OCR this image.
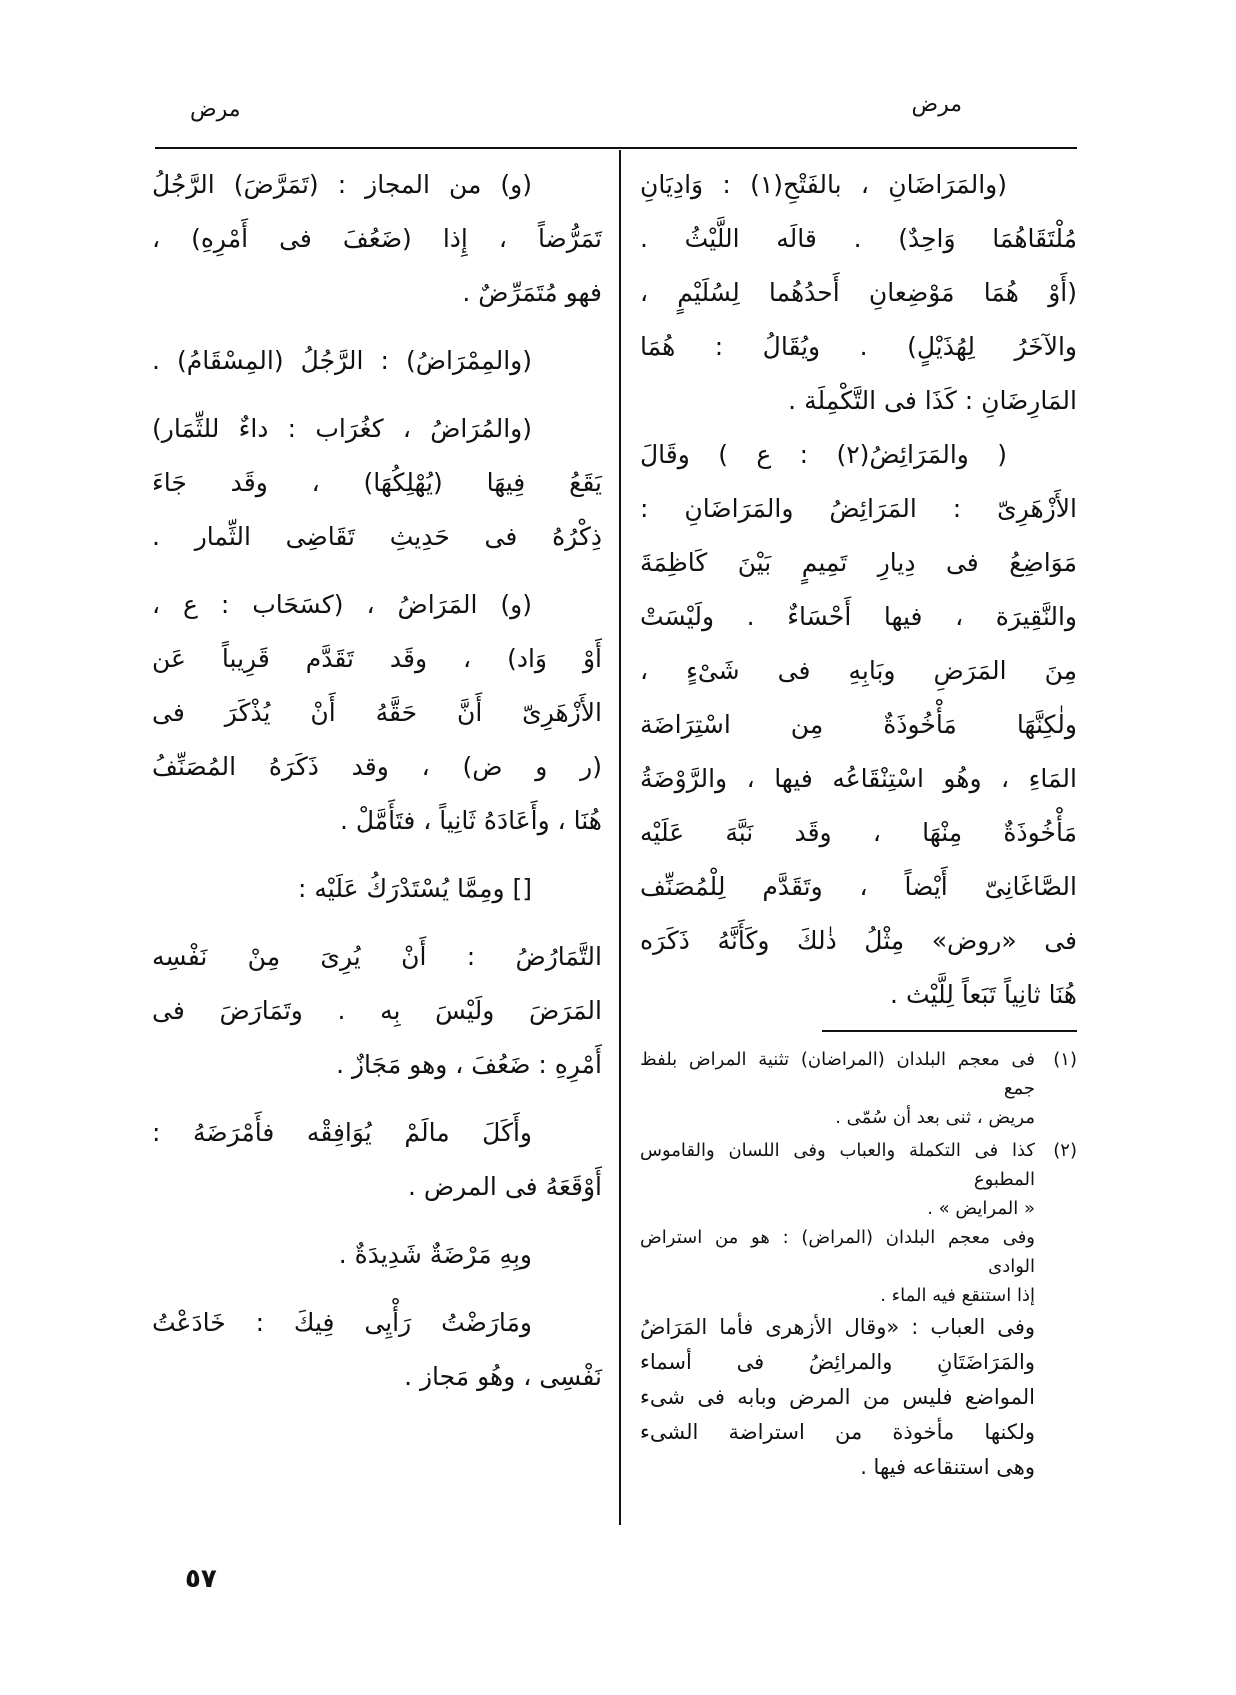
مرض
مرض
(والمَرَاضَانِ ، بالفَتْحِ(١) : وَادِيَانِ
مُلْتَقَاهُمَا وَاحِدٌ) . قالَه اللَّيْثُ .
(أَوْ هُمَا مَوْضِعانِ أَحدُهُما لِسُلَيْمٍ ،
والآخَرُ لِهُذَيْلٍ) . ويُقَالُ : هُمَا
المَارِضَانِ : كَذَا فى التَّكْمِلَة .
( والمَرَائِضُ(٢) : ع ) وقَالَ
الأَزْهَرِىّ : المَرَائِضُ والمَرَاضَانِ :
مَوَاضِعُ فى دِيارِ تَمِيمٍ بَيْنَ كَاظِمَةَ
والنَّقِيرَة ، فيها أَحْسَاءٌ . ولَيْسَتْ
مِنَ المَرَضِ وبَابِهِ فى شَىْءٍ ،
ولٰكِنَّهَا مَأْخُوذَةٌ مِن اسْتِرَاضَة
المَاءِ ، وهُو اسْتِنْقَاعُه فيها ، والرَّوْضَةُ
مَأْخُوذَةٌ مِنْهَا ، وقَد نَبَّهَ عَلَيْه
الصَّاغَانِىّ أَيْضاً ، وتَقَدَّم لِلْمُصَنِّف
فى «روض» مِثْلُ ذٰلكَ وكَأَنَّهُ ذَكَرَه
هُنَا ثانِياً تَبَعاً لِلَّيْث .
(١)
فى معجم البلدان (المراضان) تثنية المراض بلفظ جمع
مريض ، ثنى بعد أن سُمّى .
(٢)
كذا فى التكملة والعباب وفى اللسان والقاموس المطبوع
« المرايض » .
وفى معجم البلدان (المراض) : هو من استراض الوادى
إذا استنقع فيه الماء .
وفى العباب : «وقال الأزهرى فأما المَرَاضُ
والمَرَاضَتَانِ والمرائِضُ فى أسماء
المواضع فليس من المرض وبابه فى شىء
ولكنها مأخوذة من استراضة الشىء
وهى استنقاعه فيها .
(و) من المجاز : (تَمَرَّضَ) الرَّجُلُ
تَمَرُّضاً ، إِذا (ضَعُفَ فى أَمْرِهِ) ،
فهو مُتَمَرِّضٌ .
(والمِمْرَاضُ) : الرَّجُلُ (المِسْقَامُ) .
(والمُرَاضُ ، كغُرَاب : داءٌ للثِّمَار)
يَقَعُ فِيهَا (يُهْلِكُهَا) ، وقَد جَاءَ
ذِكْرُهُ فى حَدِيثِ تَقَاضِى الثِّمار .
(و) المَرَاضُ ، (كسَحَاب : ع ،
أَوْ وَاد) ، وقَد تَقَدَّم قَرِيباً عَن
الأَزْهَرِىّ أَنَّ حَقَّهُ أَنْ يُذْكَرَ فى
(ر و ض) ، وقد ذَكَرَهُ المُصَنِّفُ
هُنَا ، وأَعَادَهُ ثَانِياً ، فتَأَمَّلْ .
[] ومِمَّا يُسْتَدْرَكُ عَلَيْه :
التَّمَارُضُ : أَنْ يُرِىَ مِنْ نَفْسِه
المَرَضَ ولَيْسَ بِه . وتَمَارَضَ فى
أَمْرِهِ : ضَعُفَ ، وهو مَجَازٌ .
وأَكَلَ مالَمْ يُوَافِقْه فأَمْرَضَهُ :
أَوْقَعَهُ فى المرض .
وبِهِ مَرْضَةٌ شَدِيدَةٌ .
ومَارَضْتُ رَأْيِى فِيكَ : خَادَعْتُ
نَفْسِى ، وهُو مَجاز .
٥٧
